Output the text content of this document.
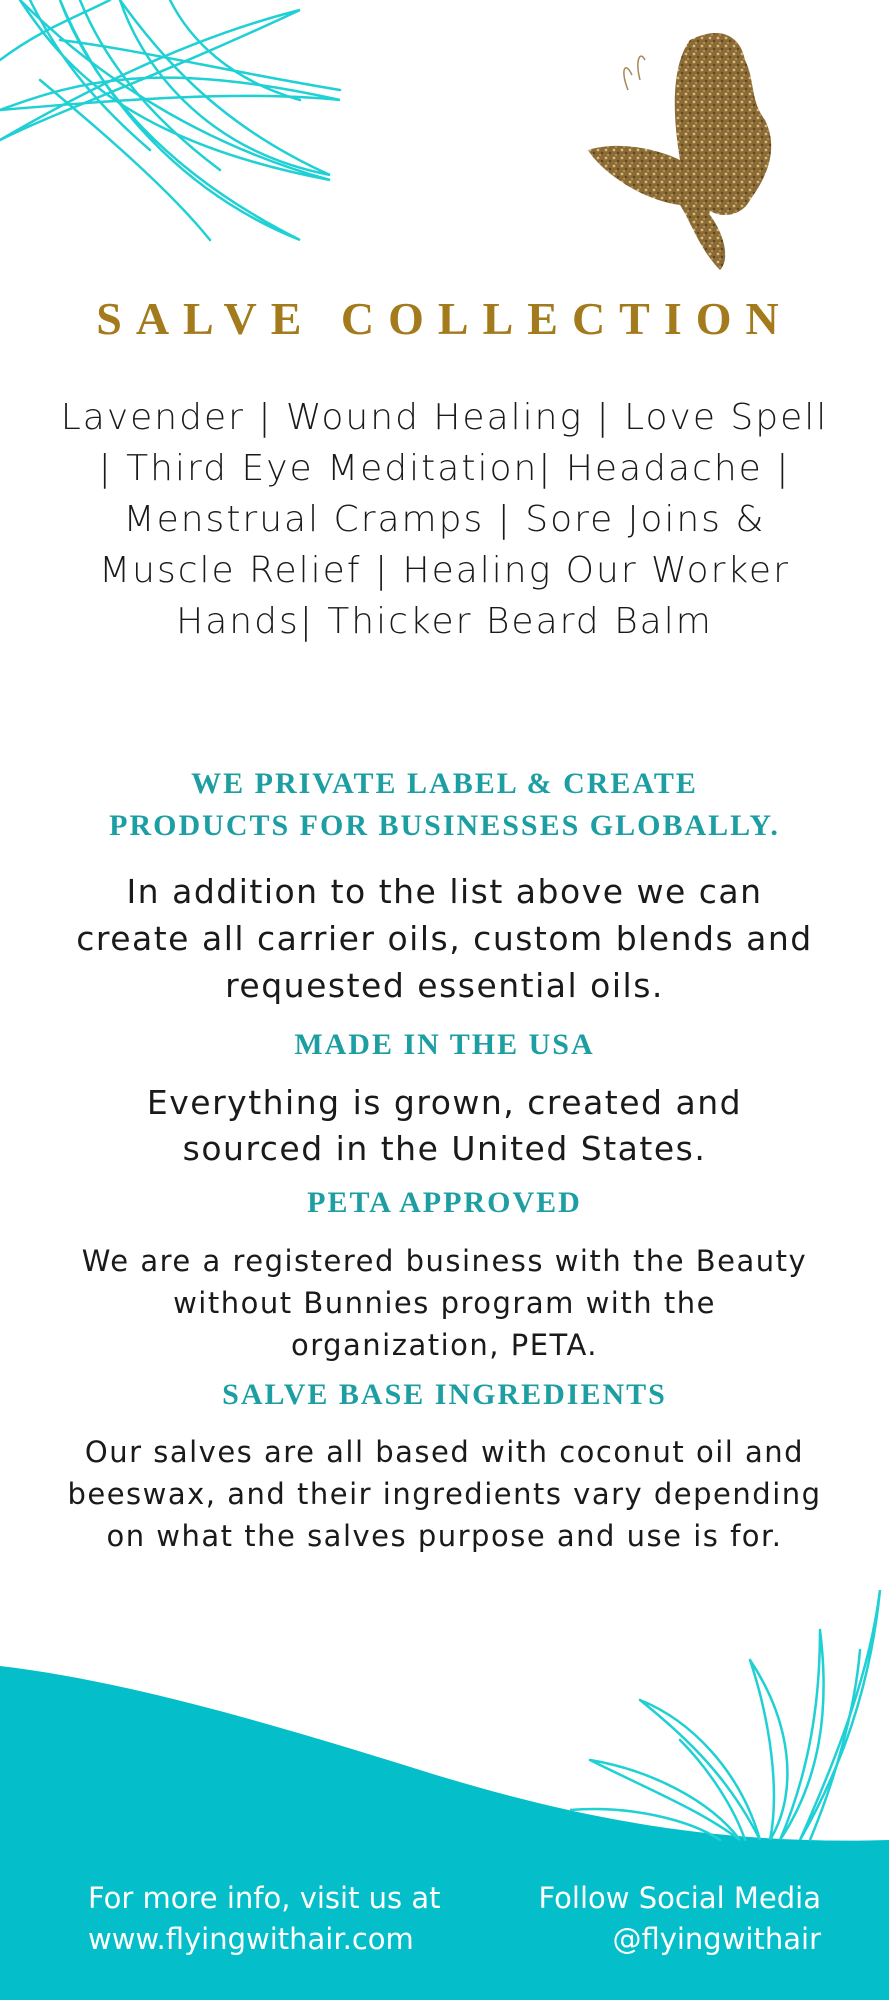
SALVE COLLECTION
Lavender | Wound Healing | Love Spell | Third Eye Meditation| Headache | Menstrual Cramps | Sore Joins & Muscle Relief | Healing Our Worker Hands| Thicker Beard Balm
WE PRIVATE LABEL & CREATE
PRODUCTS FOR BUSINESSES GLOBALLY.
In addition to the list above we can create all carrier oils, custom blends and requested essential oils.
MADE IN THE USA
Everything is grown, created and sourced in the United States.
PETA APPROVED
We are a registered business with the Beauty without Bunnies program with the organization, PETA.
SALVE BASE INGREDIENTS
Our salves are all based with coconut oil and beeswax, and their ingredients vary depending on what the salves purpose and use is for.
For more info, visit us at
www.flyingwithair.com
Follow Social Media
@flyingwithair
